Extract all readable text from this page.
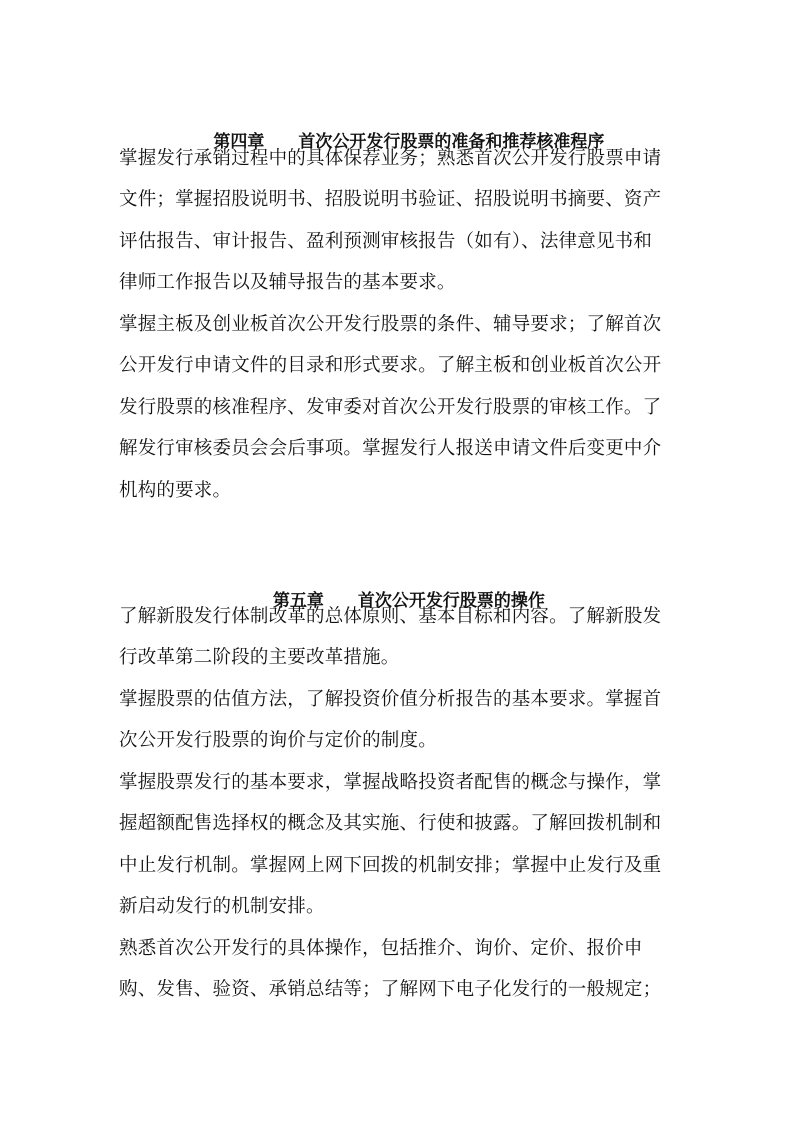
第四章 首次公开发行股票的准备和推荐核准程序

掌握发行承销过程中的具体保荐业务；熟悉首次公开发行股票申请
文件；掌握招股说明书、招股说明书验证、招股说明书摘要、资产
评估报告、审计报告、盈利预测审核报告（如有）、法律意见书和
律师工作报告以及辅导报告的基本要求。
掌握主板及创业板首次公开发行股票的条件、辅导要求；了解首次
公开发行申请文件的目录和形式要求。了解主板和创业板首次公开
发行股票的核准程序、发审委对首次公开发行股票的审核工作。了
解发行审核委员会会后事项。掌握发行人报送申请文件后变更中介
机构的要求。

第五章 首次公开发行股票的操作

了解新股发行体制改革的总体原则、基本目标和内容。了解新股发
行改革第二阶段的主要改革措施。
掌握股票的估值方法，了解投资价值分析报告的基本要求。掌握首
次公开发行股票的询价与定价的制度。
掌握股票发行的基本要求，掌握战略投资者配售的概念与操作，掌
握超额配售选择权的概念及其实施、行使和披露。了解回拨机制和
中止发行机制。掌握网上网下回拨的机制安排；掌握中止发行及重
新启动发行的机制安排。
熟悉首次公开发行的具体操作，包括推介、询价、定价、报价申
购、发售、验资、承销总结等；了解网下电子化发行的一般规定；
